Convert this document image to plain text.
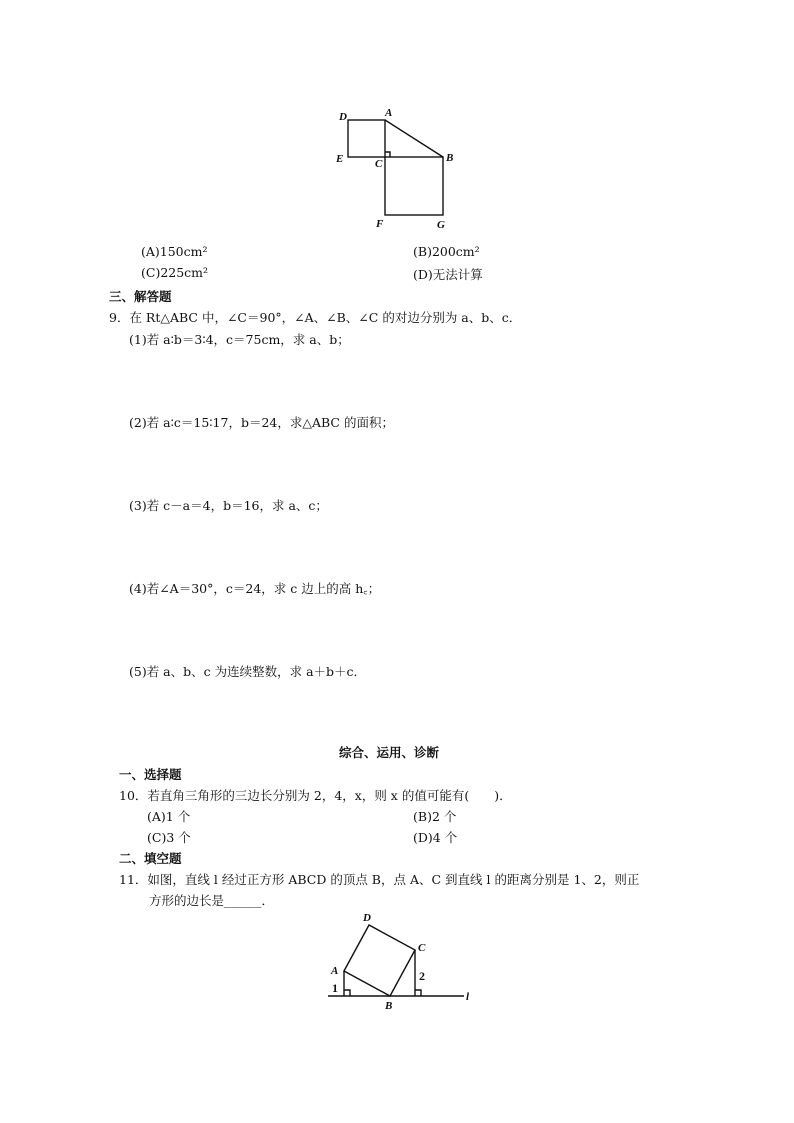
D	A
E	C	B
F	G
(A)150cm²	(B)200cm²
(C)225cm²	(D)无法计算
三、解答题
9．在 Rt△ABC 中，∠C＝90°，∠A、∠B、∠C 的对边分别为 a、b、c．
(1)若 a∶b＝3∶4，c＝75cm，求 a、b；
(2)若 a∶c＝15∶17，b＝24，求△ABC 的面积；
(3)若 c－a＝4，b＝16，求 a、c；
(4)若∠A＝30°，c＝24，求 c 边上的高 h꜀；
(5)若 a、b、c 为连续整数，求 a＋b＋c．
综合、运用、诊断
一、选择题
10．若直角三角形的三边长分别为 2，4，x，则 x 的值可能有(　　)．
(A)1 个	(B)2 个
(C)3 个	(D)4 个
二、填空题
11．如图，直线 l 经过正方形 ABCD 的顶点 B，点 A、C 到直线 l 的距离分别是 1、2，则正
方形的边长是______．
D
C
A
B
l
1
2
